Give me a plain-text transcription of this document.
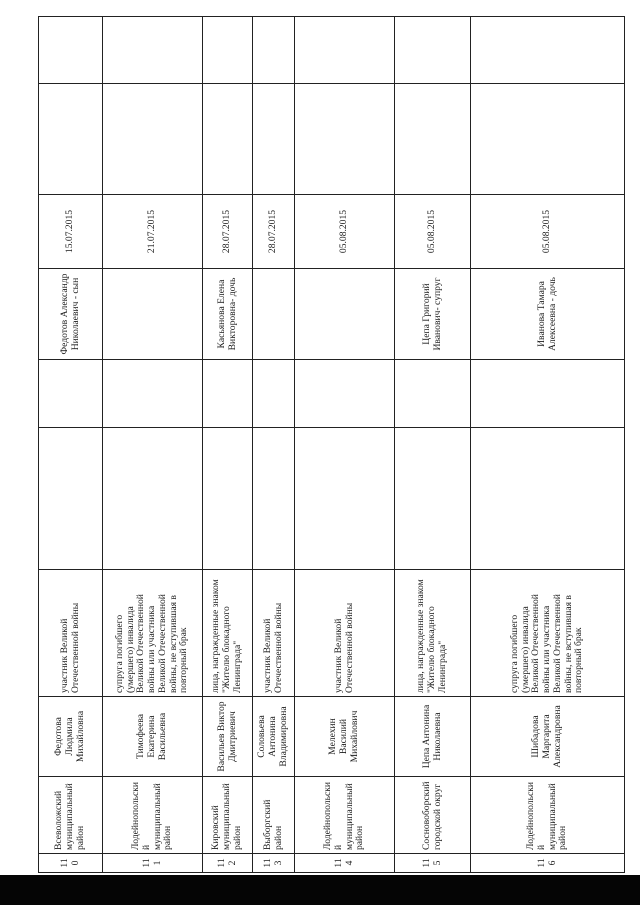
110	Всеволожский муниципальный район	Федотова Людмила Михайловна	участник Великой Отечественной войны			Федотов Александр Николаевич - сын	15.07.2015		
111	Лодейнопольский муниципальный район	Тимофеева Екатерина Васильевна	супруга погибшего (умершего) инвалида Великой Отечественной войны или участника Великой Отечественной войны, не вступившая в повторный брак				21.07.2015		
112	Кировский муниципальный район	Васильев Виктор Дмитриевич	лица, награжденные знаком "Жителю блокадного Ленинграда"			Касьянова Елена Викторовна- дочь	28.07.2015		
113	Выборгский район	Соловьева Антонина Владимировна	участник Великой Отечественной войны				28.07.2015		
114	Лодейнопольский муниципальный район	Мелехин Василий Михайлович	участник Великой Отечественной войны				05.08.2015		
115	Сосновоборский городской округ	Цепа Антонина Николаевна	лица, награжденные знаком "Жителю блокадного Ленинграда"			Цепа Григорий Иванович- супруг	05.08.2015		
116	Лодейнопольский муниципальный район	Шибадова Маргарита Александровна	супруга погибшего (умершего) инвалида Великой Отечественной войны или участника Великой Отечественной войны, не вступившая в повторный брак			Иванова Тамара Алексеевна - дочь	05.08.2015		
